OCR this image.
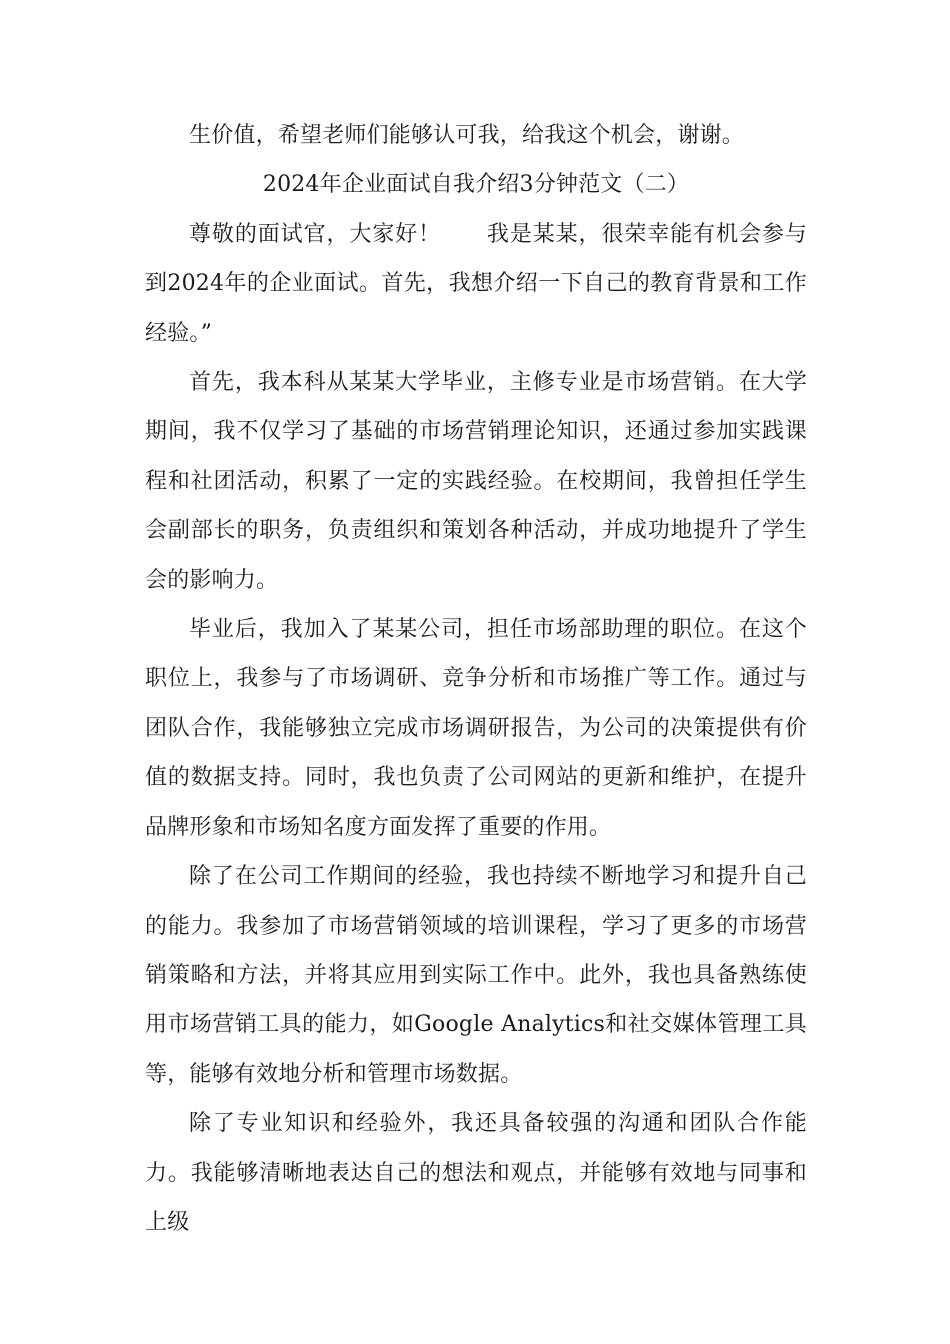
生价值，希望老师们能够认可我，给我这个机会，谢谢。

2024年企业面试自我介绍3分钟范文（二）

尊敬的面试官，大家好！　　我是某某，很荣幸能有机会参与到2024年的企业面试。首先，我想介绍一下自己的教育背景和工作经验。”

首先，我本科从某某大学毕业，主修专业是市场营销。在大学期间，我不仅学习了基础的市场营销理论知识，还通过参加实践课程和社团活动，积累了一定的实践经验。在校期间，我曾担任学生会副部长的职务，负责组织和策划各种活动，并成功地提升了学生会的影响力。

毕业后，我加入了某某公司，担任市场部助理的职位。在这个职位上，我参与了市场调研、竞争分析和市场推广等工作。通过与团队合作，我能够独立完成市场调研报告，为公司的决策提供有价值的数据支持。同时，我也负责了公司网站的更新和维护，在提升品牌形象和市场知名度方面发挥了重要的作用。

除了在公司工作期间的经验，我也持续不断地学习和提升自己的能力。我参加了市场营销领域的培训课程，学习了更多的市场营销策略和方法，并将其应用到实际工作中。此外，我也具备熟练使用市场营销工具的能力，如Google Analytics和社交媒体管理工具等，能够有效地分析和管理市场数据。

除了专业知识和经验外，我还具备较强的沟通和团队合作能力。我能够清晰地表达自己的想法和观点，并能够有效地与同事和上级
